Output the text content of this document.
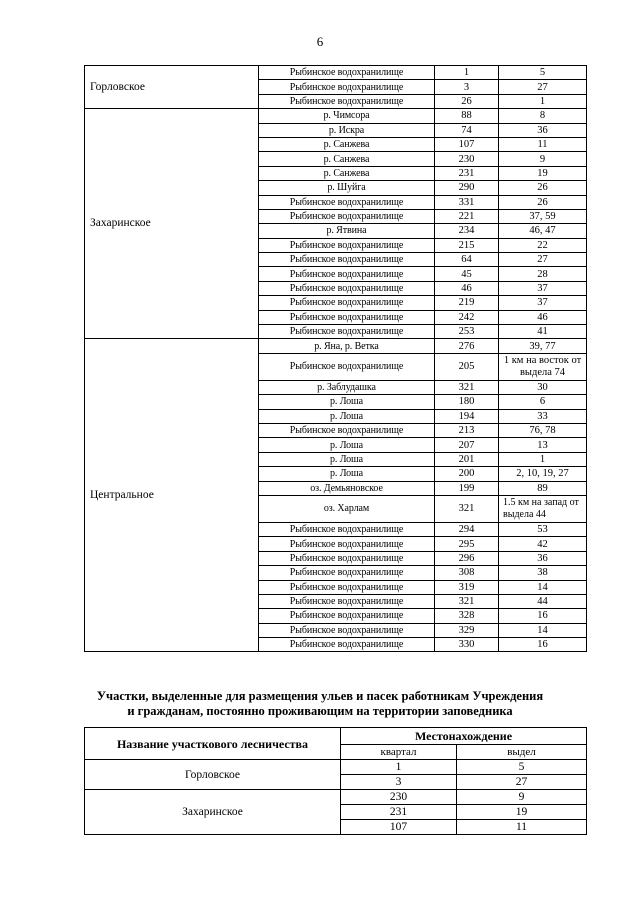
6
Горловское	Рыбинское водохранилище	1	5
	Рыбинское водохранилище	3	27
	Рыбинское водохранилище	26	1
Захаринское	р. Чимсора	88	8
	р. Искра	74	36
	р. Санжева	107	11
	р. Санжева	230	9
	р. Санжева	231	19
	р. Шуйга	290	26
	Рыбинское водохранилище	331	26
	Рыбинское водохранилище	221	37, 59
	р. Ятвина	234	46, 47
	Рыбинское водохранилище	215	22
	Рыбинское водохранилище	64	27
	Рыбинское водохранилище	45	28
	Рыбинское водохранилище	46	37
	Рыбинское водохранилище	219	37
	Рыбинское водохранилище	242	46
	Рыбинское водохранилище	253	41
Центральное	р. Яна, р. Ветка	276	39, 77
	Рыбинское водохранилище	205	1 км на восток от
выдела 74

	р. Заблудашка	321	30
	р. Лоша	180	6
	р. Лоша	194	33
	Рыбинское водохранилище	213	76, 78
	р. Лоша	207	13
	р. Лоша	201	1
	р. Лоша	200	2, 10, 19, 27
	оз. Демьяновское	199	89
	оз. Харлам	321	1.5 км на запад от
выдела 44

	Рыбинское водохранилище	294	53
	Рыбинское водохранилище	295	42
	Рыбинское водохранилище	296	36
	Рыбинское водохранилище	308	38
	Рыбинское водохранилище	319	14
	Рыбинское водохранилище	321	44
	Рыбинское водохранилище	328	16
	Рыбинское водохранилище	329	14
	Рыбинское водохранилище	330	16
Участки, выделенные для размещения ульев и пасек работникам Учреждения
и гражданам, постоянно проживающим на территории заповедника
Название участкового лесничества	Местонахождение	
	квартал	выдел
Горловское	1	5
	3	27
Захаринское	230	9
	231	19
	107	11
